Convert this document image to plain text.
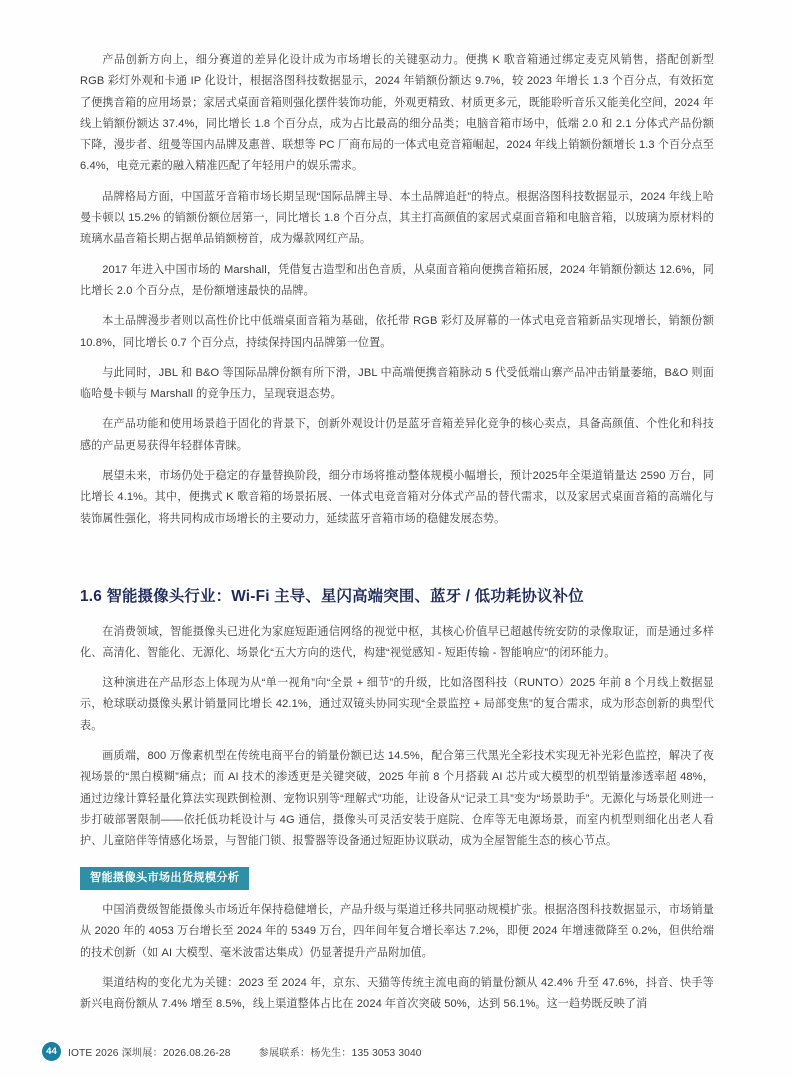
产品创新方向上，细分赛道的差异化设计成为市场增长的关键驱动力。便携 K 歌音箱通过绑定麦克风销售，搭配创新型 RGB 彩灯外观和卡通 IP 化设计，根据洛图科技数据显示，2024 年销额份额达 9.7%，较 2023 年增长 1.3 个百分点，有效拓宽了便携音箱的应用场景；家居式桌面音箱则强化摆件装饰功能，外观更精致、材质更多元，既能聆听音乐又能美化空间，2024 年线上销额份额达 37.4%，同比增长 1.8 个百分点，成为占比最高的细分品类；电脑音箱市场中，低端 2.0 和 2.1 分体式产品份额下降，漫步者、纽曼等国内品牌及惠普、联想等 PC 厂商布局的一体式电竞音箱崛起，2024 年线上销额份额增长 1.3 个百分点至 6.4%，电竞元素的融入精准匹配了年轻用户的娱乐需求。

品牌格局方面，中国蓝牙音箱市场长期呈现“国际品牌主导、本土品牌追赶”的特点。根据洛图科技数据显示，2024 年线上哈曼卡顿以 15.2% 的销额份额位居第一，同比增长 1.8 个百分点，其主打高颜值的家居式桌面音箱和电脑音箱，以玻璃为原材料的琉璃水晶音箱长期占据单品销额榜首，成为爆款网红产品。

2017 年进入中国市场的 Marshall，凭借复古造型和出色音质，从桌面音箱向便携音箱拓展，2024 年销额份额达 12.6%，同比增长 2.0 个百分点，是份额增速最快的品牌。

本土品牌漫步者则以高性价比中低端桌面音箱为基础，依托带 RGB 彩灯及屏幕的一体式电竞音箱新品实现增长，销额份额 10.8%，同比增长 0.7 个百分点，持续保持国内品牌第一位置。

与此同时，JBL 和 B&O 等国际品牌份额有所下滑，JBL 中高端便携音箱脉动 5 代受低端山寨产品冲击销量萎缩，B&O 则面临哈曼卡顿与 Marshall 的竞争压力，呈现衰退态势。

在产品功能和使用场景趋于固化的背景下，创新外观设计仍是蓝牙音箱差异化竞争的核心卖点，具备高颜值、个性化和科技感的产品更易获得年轻群体青睐。

展望未来，市场仍处于稳定的存量替换阶段，细分市场将推动整体规模小幅增长，预计2025年全渠道销量达 2590 万台，同比增长 4.1%。其中，便携式 K 歌音箱的场景拓展、一体式电竞音箱对分体式产品的替代需求，以及家居式桌面音箱的高端化与装饰属性强化，将共同构成市场增长的主要动力，延续蓝牙音箱市场的稳健发展态势。

1.6 智能摄像头行业：Wi-Fi 主导、星闪高端突围、蓝牙 / 低功耗协议补位

在消费领域，智能摄像头已进化为家庭短距通信网络的视觉中枢，其核心价值早已超越传统安防的录像取证，而是通过多样化、高清化、智能化、无源化、场景化“五大方向的迭代，构建“视觉感知 - 短距传输 - 智能响应”的闭环能力。

这种演进在产品形态上体现为从“单一视角”向“全景 + 细节”的升级，比如洛图科技（RUNTO）2025 年前 8 个月线上数据显示，枪球联动摄像头累计销量同比增长 42.1%，通过双镜头协同实现“全景监控 + 局部变焦”的复合需求，成为形态创新的典型代表。

画质端，800 万像素机型在传统电商平台的销量份额已达 14.5%，配合第三代黑光全彩技术实现无补光彩色监控，解决了夜视场景的“黑白模糊”痛点；而 AI 技术的渗透更是关键突破，2025 年前 8 个月搭载 AI 芯片或大模型的机型销量渗透率超 48%，通过边缘计算轻量化算法实现跌倒检测、宠物识别等“理解式”功能，让设备从“记录工具”变为“场景助手”。无源化与场景化则进一步打破部署限制——依托低功耗设计与 4G 通信，摄像头可灵活安装于庭院、仓库等无电源场景，而室内机型则细化出老人看护、儿童陪伴等情感化场景，与智能门锁、报警器等设备通过短距协议联动，成为全屋智能生态的核心节点。

智能摄像头市场出货规模分析

中国消费级智能摄像头市场近年保持稳健增长，产品升级与渠道迁移共同驱动规模扩张。根据洛图科技数据显示，市场销量从 2020 年的 4053 万台增长至 2024 年的 5349 万台，四年间年复合增长率达 7.2%，即便 2024 年增速微降至 0.2%，但供给端的技术创新（如 AI 大模型、毫米波雷达集成）仍显著提升产品附加值。

渠道结构的变化尤为关键：2023 至 2024 年，京东、天猫等传统主流电商的销量份额从 42.4% 升至 47.6%，抖音、快手等新兴电商份额从 7.4% 增至 8.5%，线上渠道整体占比在 2024 年首次突破 50%，达到 56.1%。这一趋势既反映了消

44	IOTE 2026 深圳展：2026.08.26-28	参展联系：杨先生：135 3053 3040
